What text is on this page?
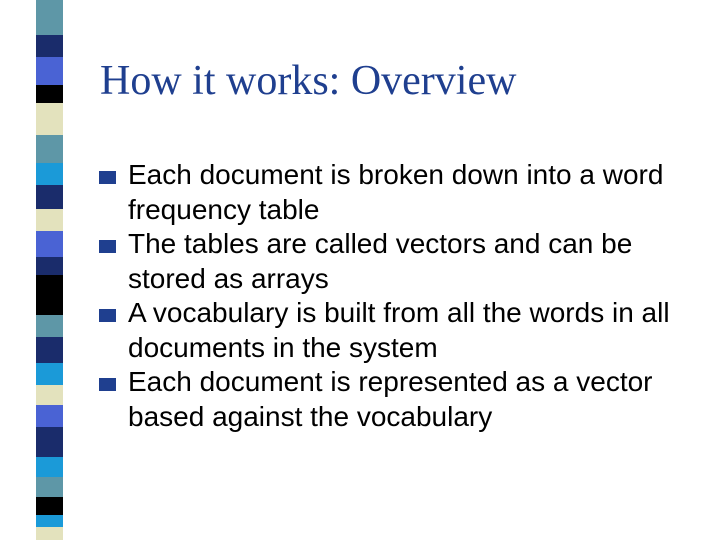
How it works: Overview
Each document is broken down into a word frequency table
The tables are called vectors and can be stored as arrays
A vocabulary is built from all the words in all documents in the system
Each document is represented as a vector based against the vocabulary
